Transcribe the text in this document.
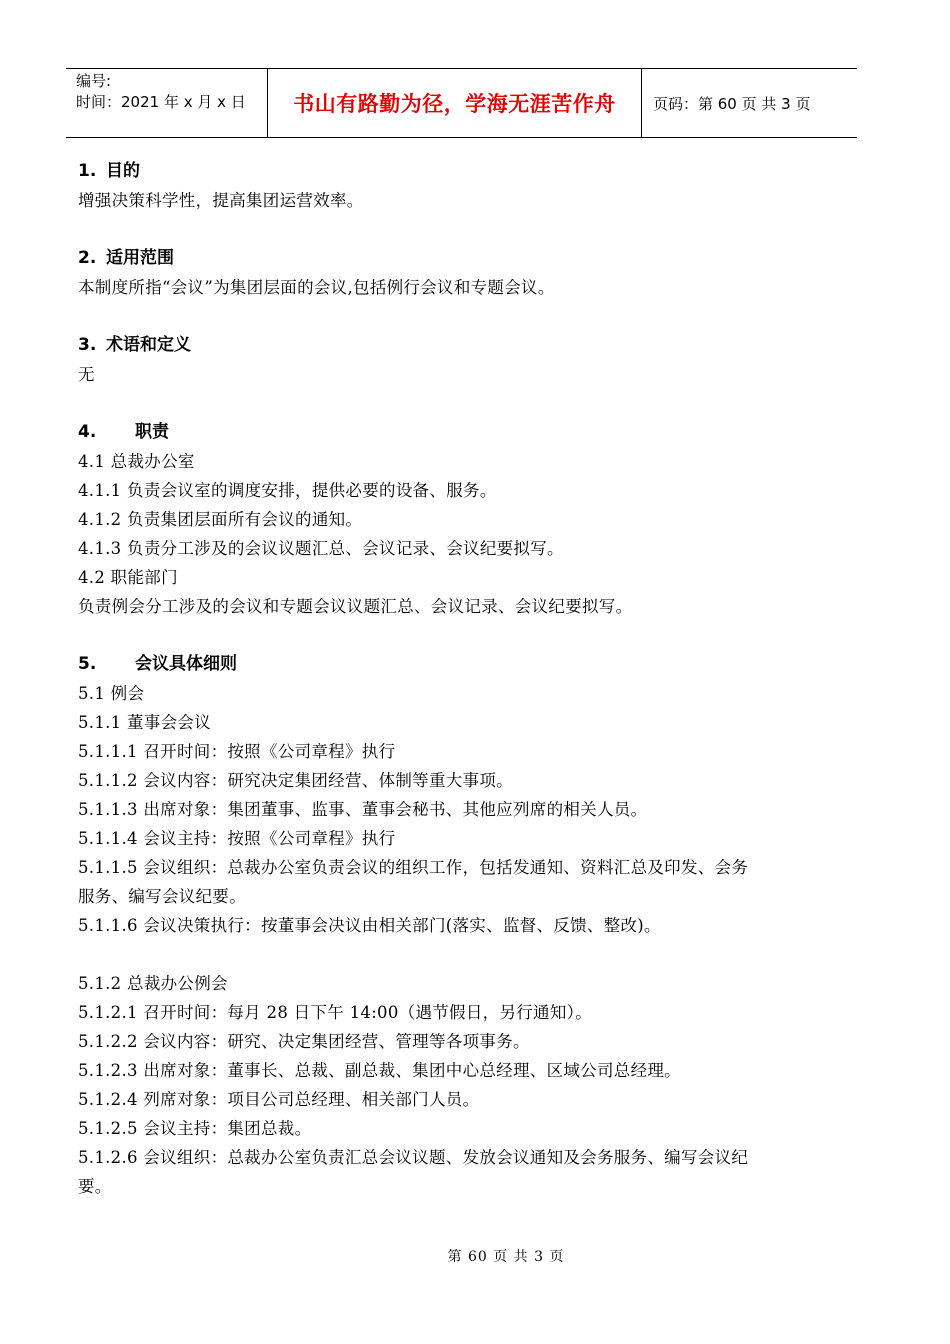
编号:
时间：2021 年 x 月 x 日	书山有路勤为径，学海无涯苦作舟 页码：第 60 页 共 3 页
1. 目的
增强决策科学性，提高集团运营效率。
2. 适用范围
本制度所指“会议”为集团层面的会议,包括例行会议和专题会议。
3. 术语和定义
无
4. 职责
4.1 总裁办公室
4.1.1 负责会议室的调度安排，提供必要的设备、服务。
4.1.2 负责集团层面所有会议的通知。
4.1.3 负责分工涉及的会议议题汇总、会议记录、会议纪要拟写。
4.2 职能部门
负责例会分工涉及的会议和专题会议议题汇总、会议记录、会议纪要拟写。
5. 会议具体细则
5.1 例会
5.1.1 董事会会议
5.1.1.1 召开时间：按照《公司章程》执行
5.1.1.2 会议内容：研究决定集团经营、体制等重大事项。
5.1.1.3 出席对象：集团董事、监事、董事会秘书、其他应列席的相关人员。
5.1.1.4 会议主持：按照《公司章程》执行
5.1.1.5 会议组织：总裁办公室负责会议的组织工作，包括发通知、资料汇总及印发、会务
服务、编写会议纪要。
5.1.1.6 会议决策执行：按董事会决议由相关部门(落实、监督、反馈、整改)。
5.1.2 总裁办公例会
5.1.2.1 召开时间：每月 28 日下午 14:00（遇节假日，另行通知）。
5.1.2.2 会议内容：研究、决定集团经营、管理等各项事务。
5.1.2.3 出席对象：董事长、总裁、副总裁、集团中心总经理、区域公司总经理。
5.1.2.4 列席对象：项目公司总经理、相关部门人员。
5.1.2.5 会议主持：集团总裁。
5.1.2.6 会议组织：总裁办公室负责汇总会议议题、发放会议通知及会务服务、编写会议纪
要。
第 60 页 共 3 页
